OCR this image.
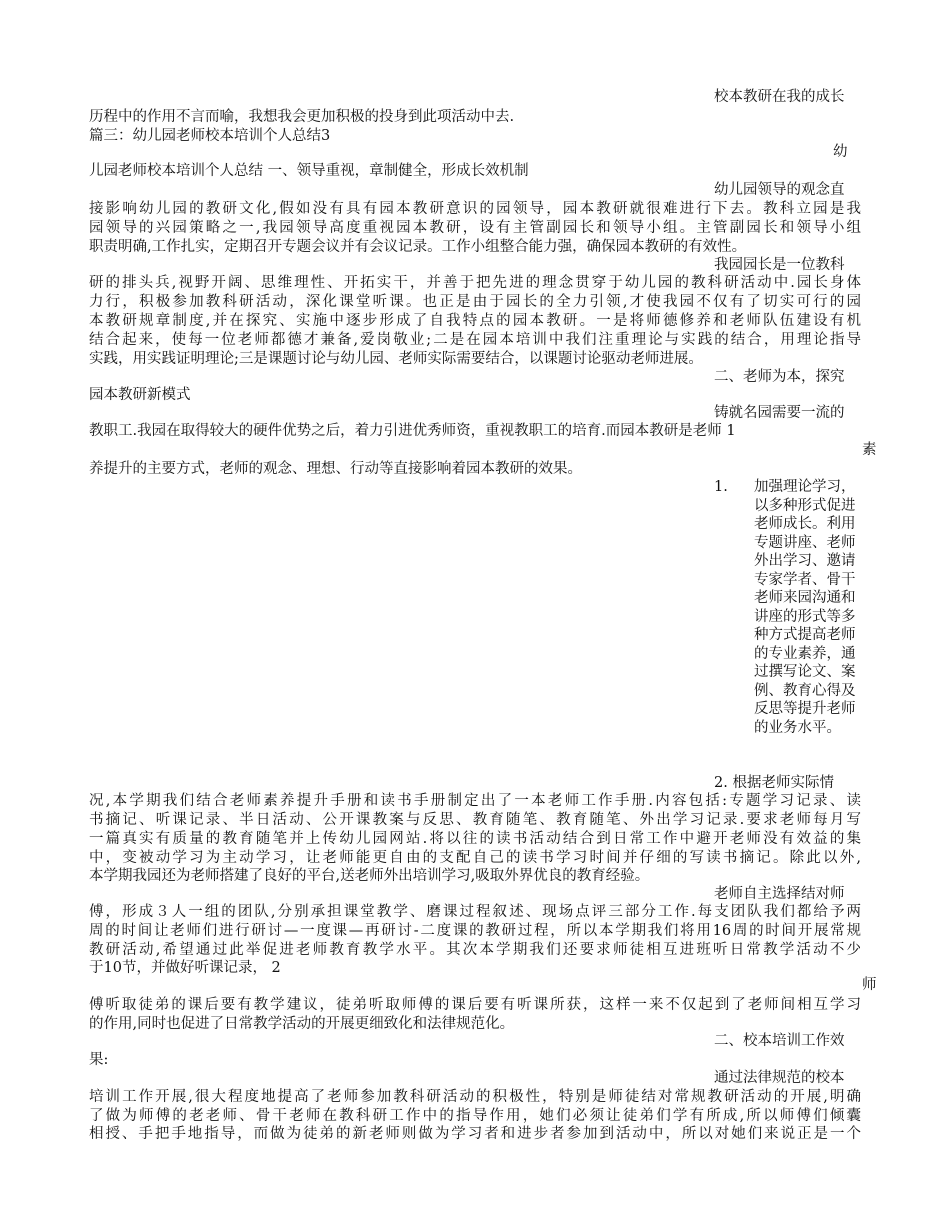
校本教研在我的成长
历程中的作用不言而喻，我想我会更加积极的投身到此项活动中去.
篇三：幼儿园老师校本培训个人总结3
幼
儿园老师校本培训个人总结 一、领导重视，章制健全，形成长效机制
幼儿园领导的观念直
接影响幼儿园的教研文化,假如没有具有园本教研意识的园领导，园本教研就很难进行下去。教科立园是我
园领导的兴园策略之一,我园领导高度重视园本教研，设有主管副园长和领导小组。主管副园长和领导小组
职责明确,工作扎实，定期召开专题会议并有会议记录。工作小组整合能力强，确保园本教研的有效性。
我园园长是一位教科
研的排头兵,视野开阔、思维理性、开拓实干，并善于把先进的理念贯穿于幼儿园的教科研活动中.园长身体
力行，积极参加教科研活动，深化课堂听课。也正是由于园长的全力引领,才使我园不仅有了切实可行的园
本教研规章制度,并在探究、实施中逐步形成了自我特点的园本教研。一是将师德修养和老师队伍建设有机
结合起来，使每一位老师都德才兼备,爱岗敬业;二是在园本培训中我们注重理论与实践的结合，用理论指导
实践，用实践证明理论;三是课题讨论与幼儿园、老师实际需要结合，以课题讨论驱动老师进展。
二、老师为本，探究
园本教研新模式
铸就名园需要一流的
教职工.我园在取得较大的硬件优势之后，着力引进优秀师资，重视教职工的培育.而园本教研是老师 1
素
养提升的主要方式，老师的观念、理想、行动等直接影响着园本教研的效果。
1. 加强理论学习，以多种形式促进老师成长。利用专题讲座、老师外出学习、邀请专家学者、骨干老师来园沟通和讲座的形式等多种方式提高老师的专业素养，通过撰写论文、案例、教育心得及反思等提升老师的业务水平。
2. 根据老师实际情
况,本学期我们结合老师素养提升手册和读书手册制定出了一本老师工作手册.内容包括:专题学习记录、读
书摘记、听课记录、半日活动、公开课教案与反思、教育随笔、教育随笔、外出学习记录.要求老师每月写
一篇真实有质量的教育随笔并上传幼儿园网站.将以往的读书活动结合到日常工作中避开老师没有效益的集
中，变被动学习为主动学习，让老师能更自由的支配自己的读书学习时间并仔细的写读书摘记。除此以外,
本学期我园还为老师搭建了良好的平台,送老师外出培训学习,吸取外界优良的教育经验。
老师自主选择结对师
傅，形成３人一组的团队,分别承担课堂教学、磨课过程叙述、现场点评三部分工作.每支团队我们都给予两
周的时间让老师们进行研讨—一度课—再研讨-二度课的教研过程，所以本学期我们将用16周的时间开展常规
教研活动,希望通过此举促进老师教育教学水平。其次本学期我们还要求师徒相互进班听日常教学活动不少
于10节，并做好听课记录， 2
师
傅听取徒弟的课后要有教学建议，徒弟听取师傅的课后要有听课所获，这样一来不仅起到了老师间相互学习
的作用,同时也促进了日常教学活动的开展更细致化和法律规范化。
二、校本培训工作效
果:
通过法律规范的校本
培训工作开展,很大程度地提高了老师参加教科研活动的积极性，特别是师徒结对常规教研活动的开展,明确
了做为师傅的老老师、骨干老师在教科研工作中的指导作用，她们必须让徒弟们学有所成,所以师傅们倾囊
相授、手把手地指导，而做为徒弟的新老师则做为学习者和进步者参加到活动中，所以对她们来说正是一个
